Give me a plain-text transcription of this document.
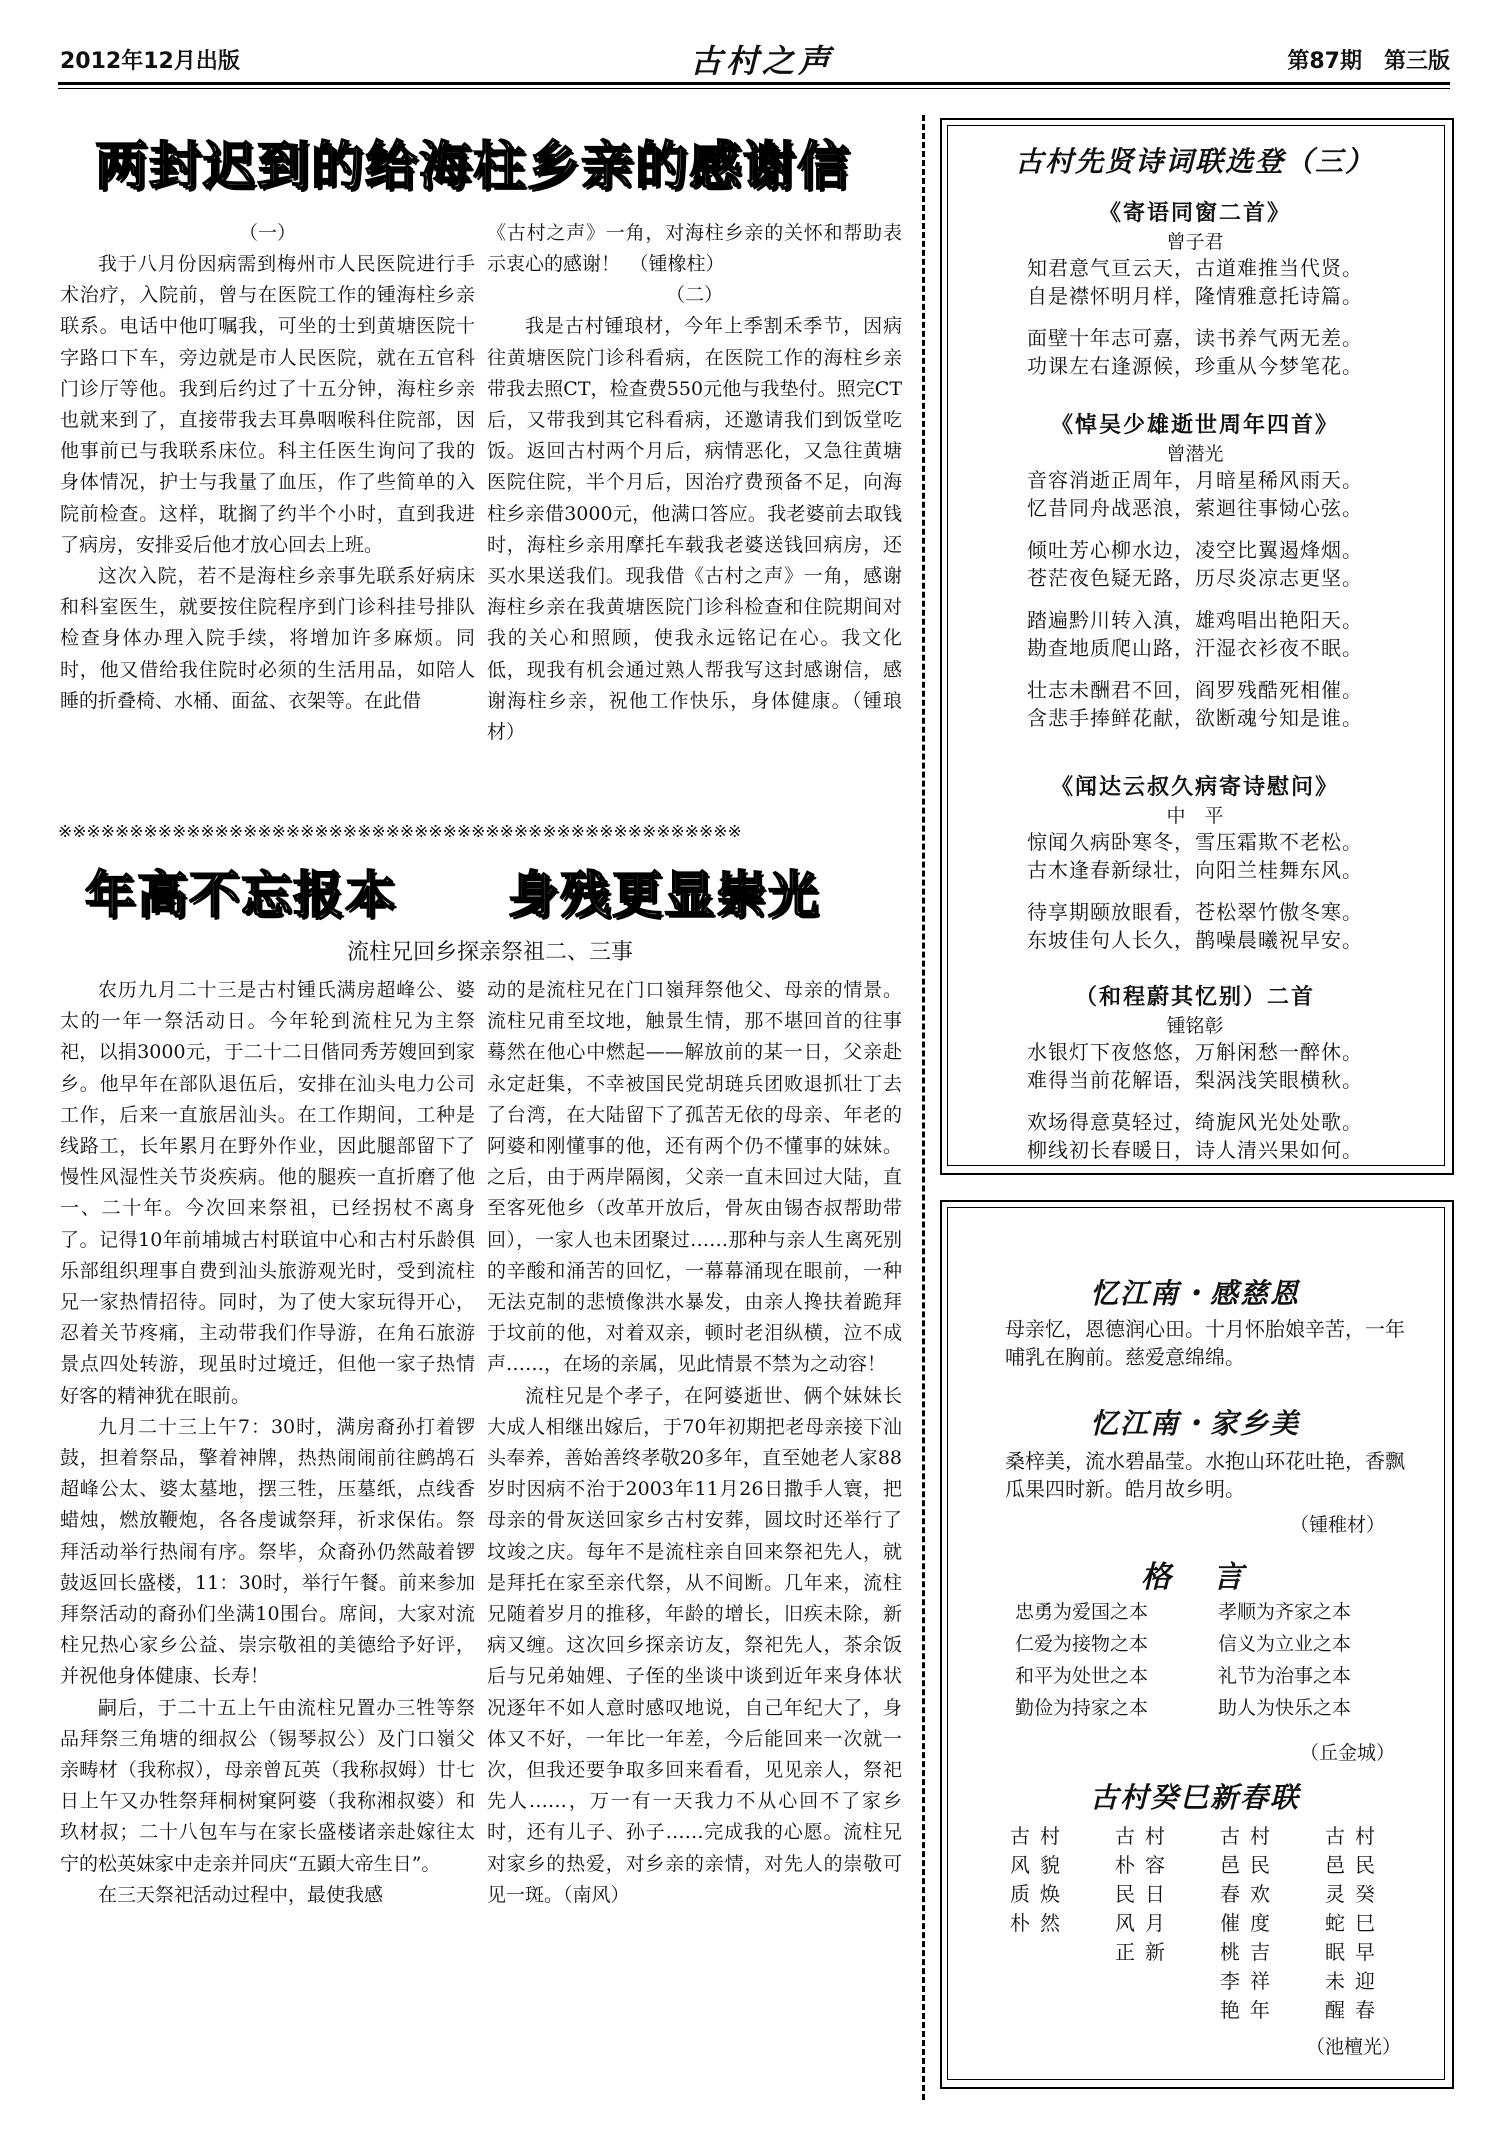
2012年12月出版	古村之声	第87期　第三版
两封迟到的给海柱乡亲的感谢信
（一）

我于八月份因病需到梅州市人民医院进行手术治疗，入院前，曾与在医院工作的锺海柱乡亲联系。电话中他叮嘱我，可坐的士到黄塘医院十字路口下车，旁边就是市人民医院，就在五官科门诊厅等他。我到后约过了十五分钟，海柱乡亲也就来到了，直接带我去耳鼻咽喉科住院部，因他事前已与我联系床位。科主任医生询问了我的身体情况，护士与我量了血压，作了些简单的入院前检查。这样，耽搁了约半个小时，直到我进了病房，安排妥后他才放心回去上班。

这次入院，若不是海柱乡亲事先联系好病床和科室医生，就要按住院程序到门诊科挂号排队检查身体办理入院手续，将增加许多麻烦。同时，他又借给我住院时必须的生活用品，如陪人睡的折叠椅、水桶、面盆、衣架等。在此借

《古村之声》一角，对海柱乡亲的关怀和帮助表示衷心的感谢！　（锺橡柱）

（二）

我是古村锺琅材，今年上季割禾季节，因病往黄塘医院门诊科看病，在医院工作的海柱乡亲带我去照CT，检查费550元他与我垫付。照完CT后，又带我到其它科看病，还邀请我们到饭堂吃饭。返回古村两个月后，病情恶化，又急往黄塘医院住院，半个月后，因治疗费预备不足，向海柱乡亲借3000元，他满口答应。我老婆前去取钱时，海柱乡亲用摩托车载我老婆送钱回病房，还买水果送我们。现我借《古村之声》一角，感谢海柱乡亲在我黄塘医院门诊科检查和住院期间对我的关心和照顾，使我永远铭记在心。我文化低，现我有机会通过熟人帮我写这封感谢信，感谢海柱乡亲，祝他工作快乐，身体健康。（锺琅材）

※※※※※※※※※※※※※※※※※※※※※※※※※※※※※※※※※※※※※※※※※※※※※※※※
年高不忘报本 身残更显崇光
流柱兄回乡探亲祭祖二、三事

农历九月二十三是古村锺氏满房超峰公、婆太的一年一祭活动日。今年轮到流柱兄为主祭祀，以捐3000元，于二十二日偕同秀芳嫂回到家乡。他早年在部队退伍后，安排在汕头电力公司工作，后来一直旅居汕头。在工作期间，工种是线路工，长年累月在野外作业，因此腿部留下了慢性风湿性关节炎疾病。他的腿疾一直折磨了他一、二十年。今次回来祭祖，已经拐杖不离身了。记得10年前埔城古村联谊中心和古村乐龄俱乐部组织理事自费到汕头旅游观光时，受到流柱兄一家热情招待。同时，为了使大家玩得开心，忍着关节疼痛，主动带我们作导游，在角石旅游景点四处转游，现虽时过境迁，但他一家子热情好客的精神犹在眼前。

九月二十三上午7：30时，满房裔孙打着锣鼓，担着祭品，擎着神牌，热热闹闹前往鹧鸪石超峰公太、婆太墓地，摆三牲，压墓纸，点线香蜡烛，燃放鞭炮，各各虔诚祭拜，祈求保佑。祭拜活动举行热闹有序。祭毕，众裔孙仍然敲着锣鼓返回长盛楼，11：30时，举行午餐。前来参加拜祭活动的裔孙们坐满10围台。席间，大家对流柱兄热心家乡公益、崇宗敬祖的美德给予好评，并祝他身体健康、长寿！

嗣后，于二十五上午由流柱兄置办三牲等祭品拜祭三角塘的细叔公（锡琴叔公）及门口嶺父亲畴材（我称叔），母亲曾瓦英（我称叔姆）廿七日上午又办牲祭拜桐树窠阿婆（我称湘叔婆）和玖材叔；二十八包车与在家长盛楼诸亲赴嫁往太宁的松英妹家中走亲并同庆“五顕大帝生日”。

在三天祭祀活动过程中，最使我感

动的是流柱兄在门口嶺拜祭他父、母亲的情景。流柱兄甫至坟地，触景生情，那不堪回首的往事蓦然在他心中燃起——解放前的某一日，父亲赴永定赶集，不幸被国民党胡琏兵团败退抓壮丁去了台湾，在大陆留下了孤苦无依的母亲、年老的阿婆和刚懂事的他，还有两个仍不懂事的妹妹。之后，由于两岸隔阂，父亲一直未回过大陆，直至客死他乡（改革开放后，骨灰由锡杏叔帮助带回），一家人也未团聚过……那种与亲人生离死别的辛酸和涌苦的回忆，一幕幕涌现在眼前，一种无法克制的悲愤像洪水暴发，由亲人搀扶着跪拜于坟前的他，对着双亲，顿时老泪纵横，泣不成声……，在场的亲属，见此情景不禁为之动容！

流柱兄是个孝子，在阿婆逝世、俩个妹妹长大成人相继出嫁后，于70年初期把老母亲接下汕头奉养，善始善终孝敬20多年，直至她老人家88岁时因病不治于2003年11月26日撒手人寰，把母亲的骨灰送回家乡古村安葬，圆坟时还举行了坟竣之庆。每年不是流柱亲自回来祭祀先人，就是拜托在家至亲代祭，从不间断。几年来，流柱兄随着岁月的推移，年龄的增长，旧疾未除，新病又缠。这次回乡探亲访友，祭祀先人，茶余饭后与兄弟妯娌、子侄的坐谈中谈到近年来身体状况逐年不如人意时感叹地说，自己年纪大了，身体又不好，一年比一年差，今后能回来一次就一次，但我还要争取多回来看看，见见亲人，祭祀先人……，万一有一天我力不从心回不了家乡时，还有儿子、孙子……完成我的心愿。流柱兄对家乡的热爱，对乡亲的亲情，对先人的崇敬可见一斑。（南风）

古村先贤诗词联选登（三）
《寄语同窗二首》
曾子君
知君意气亘云天，古道难推当代贤。
自是襟怀明月样，隆情雅意托诗篇。
面壁十年志可嘉，读书养气两无差。
功课左右逢源候，珍重从今梦笔花。
《悼吴少雄逝世周年四首》
曾潜光
音容消逝正周年，月暗星稀风雨天。
忆昔同舟战恶浪，萦迴往事恸心弦。
倾吐芳心柳水边，凌空比翼遏烽烟。
苍茫夜色疑无路，历尽炎凉志更坚。
踏遍黔川转入滇，雄鸡唱出艳阳天。
勘查地质爬山路，汗湿衣衫夜不眠。
壮志未酬君不回，阎罗残酷死相催。
含悲手捧鲜花献，欲断魂兮知是谁。
《闻达云叔久病寄诗慰问》
中　平
惊闻久病卧寒冬，雪压霜欺不老松。
古木逢春新绿壮，向阳兰桂舞东风。
待享期颐放眼看，苍松翠竹傲冬寒。
东坡佳句人长久，鹊噪晨曦祝早安。
（和程蔚其忆别）二首
锺铭彰
水银灯下夜悠悠，万斛闲愁一醉休。
难得当前花解语，梨涡浅笑眼横秋。
欢场得意莫轻过，绮旎风光处处歌。
柳线初长春暖日，诗人清兴果如何。
忆江南・感慈恩
母亲忆，恩德润心田。十月怀胎娘辛苦，一年哺乳在胸前。慈爱意绵绵。
忆江南・家乡美
桑梓美，流水碧晶莹。水抱山环花吐艳，香飘瓜果四时新。皓月故乡明。
（锺稚材）
格　言
忠勇为爱国之本
仁爱为接物之本
和平为处世之本
勤俭为持家之本
孝顺为齐家之本
信义为立业之本
礼节为治事之本
助人为快乐之本
（丘金城）
古村癸巳新春联
古村
风貌
质焕
朴然
古村
朴容
民日
风月
正新
古村
邑民
春欢
催度
桃吉
李祥
艳年
古村
邑民
灵癸
蛇巳
眠早
未迎
醒春
（池檀光）
